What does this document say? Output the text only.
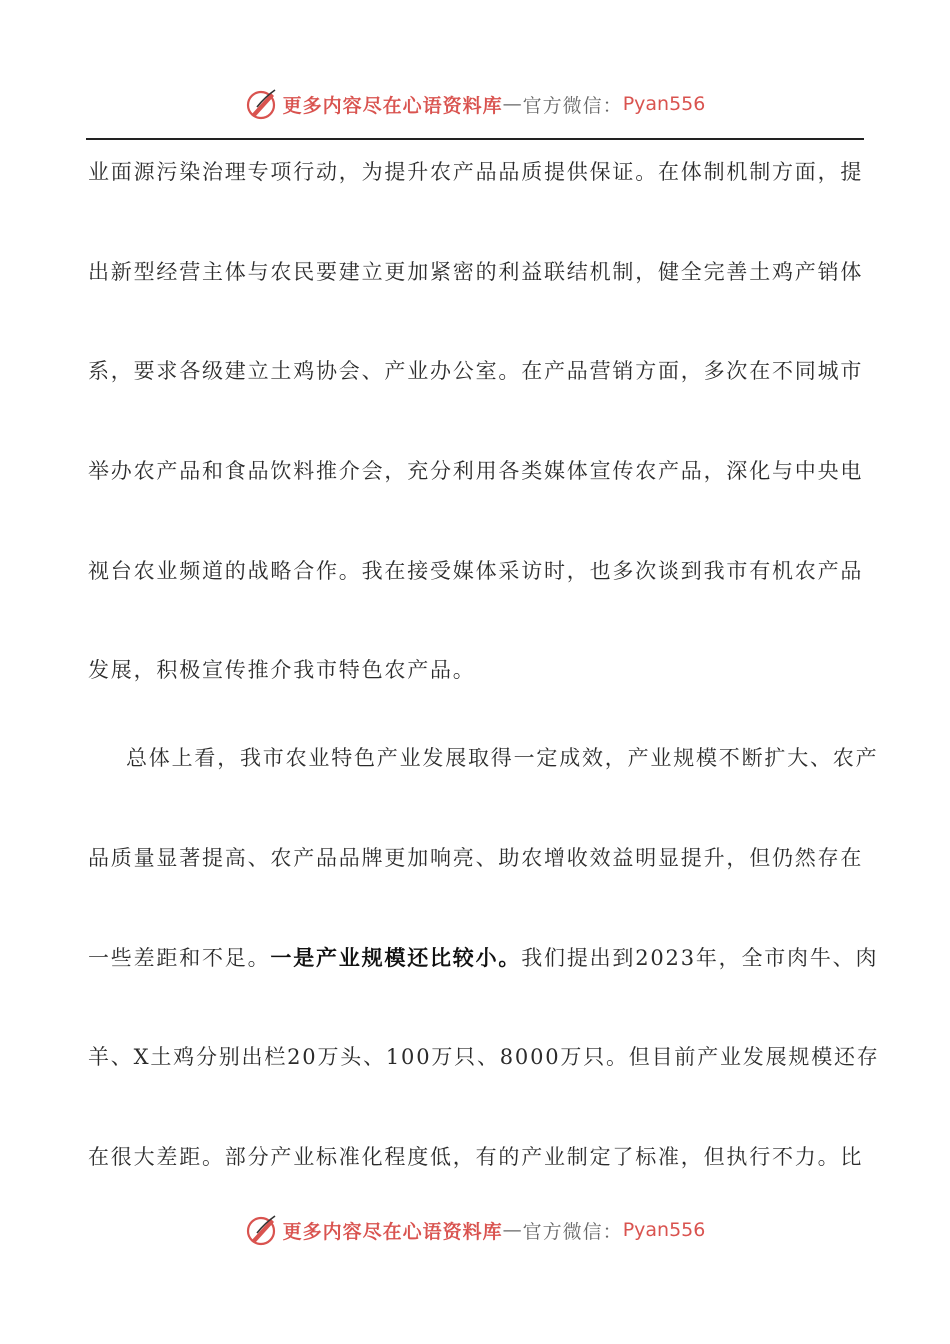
更多内容尽在心语资料库 — 官方微信： Pyan556
业面源污染治理专项行动，为提升农产品品质提供保证。在体制机制方面，提
出新型经营主体与农民要建立更加紧密的利益联结机制，健全完善土鸡产销体
系，要求各级建立土鸡协会、产业办公室。在产品营销方面，多次在不同城市
举办农产品和食品饮料推介会，充分利用各类媒体宣传农产品，深化与中央电
视台农业频道的战略合作。我在接受媒体采访时，也多次谈到我市有机农产品
发展，积极宣传推介我市特色农产品。
总体上看，我市农业特色产业发展取得一定成效，产业规模不断扩大、农产
品质量显著提高、农产品品牌更加响亮、助农增收效益明显提升，但仍然存在
一些差距和不足。一是产业规模还比较小。我们提出到2023年，全市肉牛、肉
羊、X土鸡分别出栏20万头、100万只、8000万只。但目前产业发展规模还存
在很大差距。部分产业标准化程度低，有的产业制定了标准，但执行不力。比
更多内容尽在心语资料库 — 官方微信： Pyan556
